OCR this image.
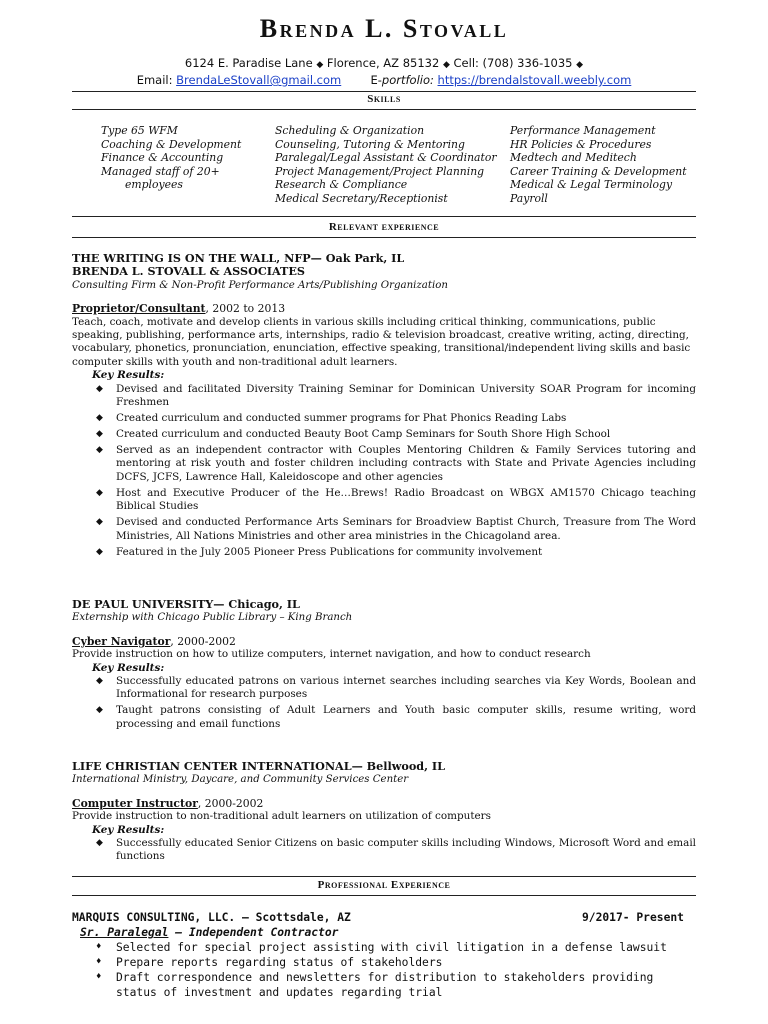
Brenda L. Stovall
6124 E. Paradise Lane ◆ Florence, AZ 85132 ◆ Cell: (708) 336-1035 ◆
Email: BrendaLeStovall@gmail.com	E-portfolio: https://brendalstovall.weebly.com
Skills
Type 65 WFM
Coaching & Development
Finance & Accounting
Managed staff of 20+
employees
Scheduling & Organization
Counseling, Tutoring & Mentoring
Paralegal/Legal Assistant & Coordinator
Project Management/Project Planning
Research & Compliance
Medical Secretary/Receptionist
Performance Management
HR Policies & Procedures
Medtech and Meditech
Career Training & Development
Medical & Legal Terminology
Payroll
Relevant experience
THE WRITING IS ON THE WALL, NFP— Oak Park, IL
BRENDA L. STOVALL & ASSOCIATES
Consulting Firm & Non-Profit Performance Arts/Publishing Organization
Proprietor/Consultant, 2002 to 2013
Teach, coach, motivate and develop clients in various skills including critical thinking, communications, public speaking, publishing, performance arts, internships, radio & television broadcast, creative writing, acting, directing, vocabulary, phonetics, pronunciation, enunciation, effective speaking, transitional/independent living skills and basic computer skills with youth and non-traditional adult learners.
Key Results:
◆ Devised and facilitated Diversity Training Seminar for Dominican University SOAR Program for incoming Freshmen
◆ Created curriculum and conducted summer programs for Phat Phonics Reading Labs
◆ Created curriculum and conducted Beauty Boot Camp Seminars for South Shore High School
◆ Served as an independent contractor with Couples Mentoring Children & Family Services tutoring and mentoring at risk youth and foster children including contracts with State and Private Agencies including DCFS, JCFS, Lawrence Hall, Kaleidoscope and other agencies
◆ Host and Executive Producer of the He…Brews! Radio Broadcast on WBGX AM1570 Chicago teaching Biblical Studies
◆ Devised and conducted Performance Arts Seminars for Broadview Baptist Church, Treasure from The Word Ministries, All Nations Ministries and other area ministries in the Chicagoland area.
◆ Featured in the July 2005 Pioneer Press Publications for community involvement
DE PAUL UNIVERSITY— Chicago, IL
Externship with Chicago Public Library – King Branch
Cyber Navigator, 2000-2002
Provide instruction on how to utilize computers, internet navigation, and how to conduct research
Key Results:
◆ Successfully educated patrons on various internet searches including searches via Key Words, Boolean and Informational for research purposes
◆ Taught patrons consisting of Adult Learners and Youth basic computer skills, resume writing, word processing and email functions
LIFE CHRISTIAN CENTER INTERNATIONAL— Bellwood, IL
International Ministry, Daycare, and Community Services Center
Computer Instructor, 2000-2002
Provide instruction to non-traditional adult learners on utilization of computers
Key Results:
◆ Successfully educated Senior Citizens on basic computer skills including Windows, Microsoft Word and email functions
Professional Experience
MARQUIS CONSULTING, LLC. – Scottsdale, AZ	9/2017- Present
Sr. Paralegal – Independent Contractor
♦ Selected for special project assisting with civil litigation in a defense lawsuit
♦ Prepare reports regarding status of stakeholders
♦ Draft correspondence and newsletters for distribution to stakeholders providing status of investment and updates regarding trial
